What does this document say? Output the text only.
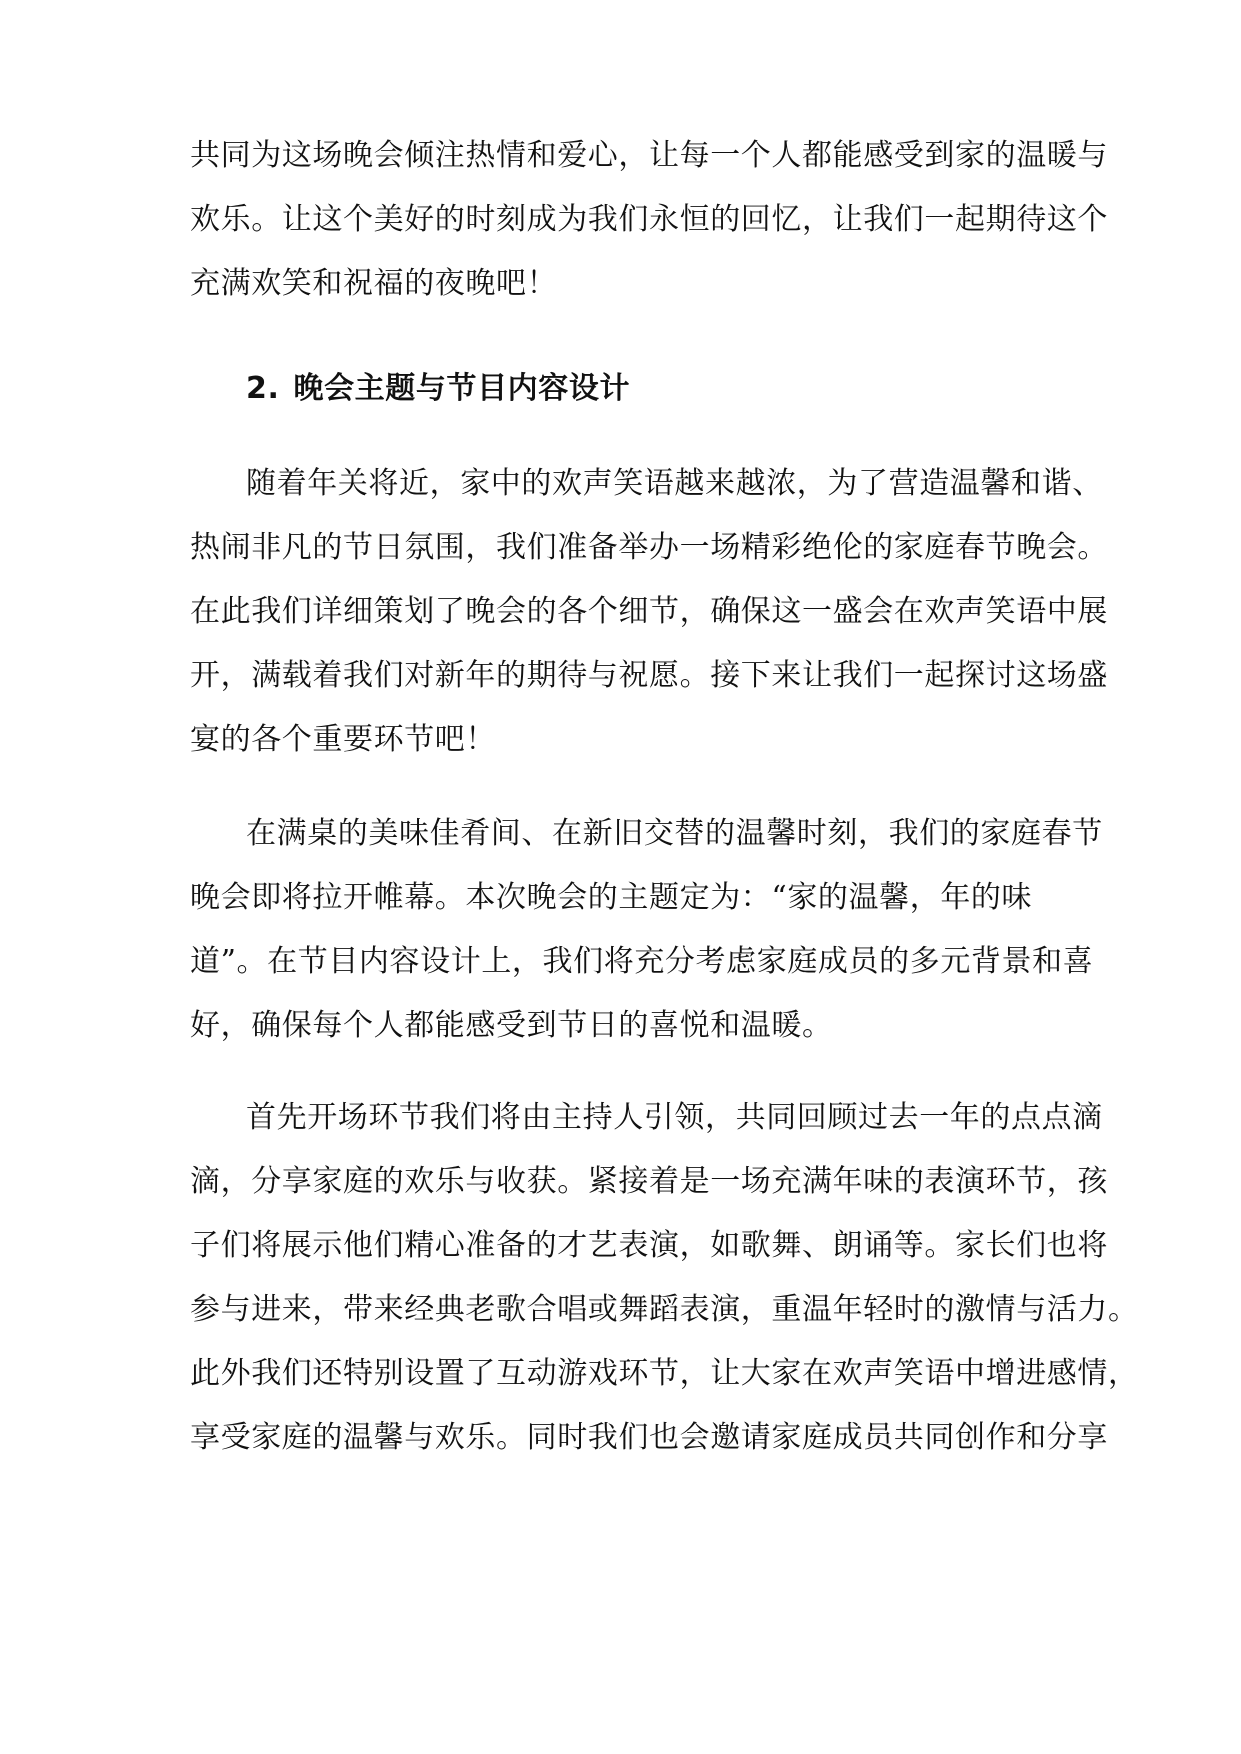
共同为这场晚会倾注热情和爱心，让每一个人都能感受到家的温暖与
欢乐。让这个美好的时刻成为我们永恒的回忆，让我们一起期待这个
充满欢笑和祝福的夜晚吧！
2. 晚会主题与节目内容设计
随着年关将近，家中的欢声笑语越来越浓，为了营造温馨和谐、
热闹非凡的节日氛围，我们准备举办一场精彩绝伦的家庭春节晚会。
在此我们详细策划了晚会的各个细节，确保这一盛会在欢声笑语中展
开，满载着我们对新年的期待与祝愿。接下来让我们一起探讨这场盛
宴的各个重要环节吧！
在满桌的美味佳肴间、在新旧交替的温馨时刻，我们的家庭春节
晚会即将拉开帷幕。本次晚会的主题定为：“家的温馨，年的味
道”。在节目内容设计上，我们将充分考虑家庭成员的多元背景和喜
好，确保每个人都能感受到节日的喜悦和温暖。
首先开场环节我们将由主持人引领，共同回顾过去一年的点点滴
滴，分享家庭的欢乐与收获。紧接着是一场充满年味的表演环节，孩
子们将展示他们精心准备的才艺表演，如歌舞、朗诵等。家长们也将
参与进来，带来经典老歌合唱或舞蹈表演，重温年轻时的激情与活力。
此外我们还特别设置了互动游戏环节，让大家在欢声笑语中增进感情，
享受家庭的温馨与欢乐。同时我们也会邀请家庭成员共同创作和分享
